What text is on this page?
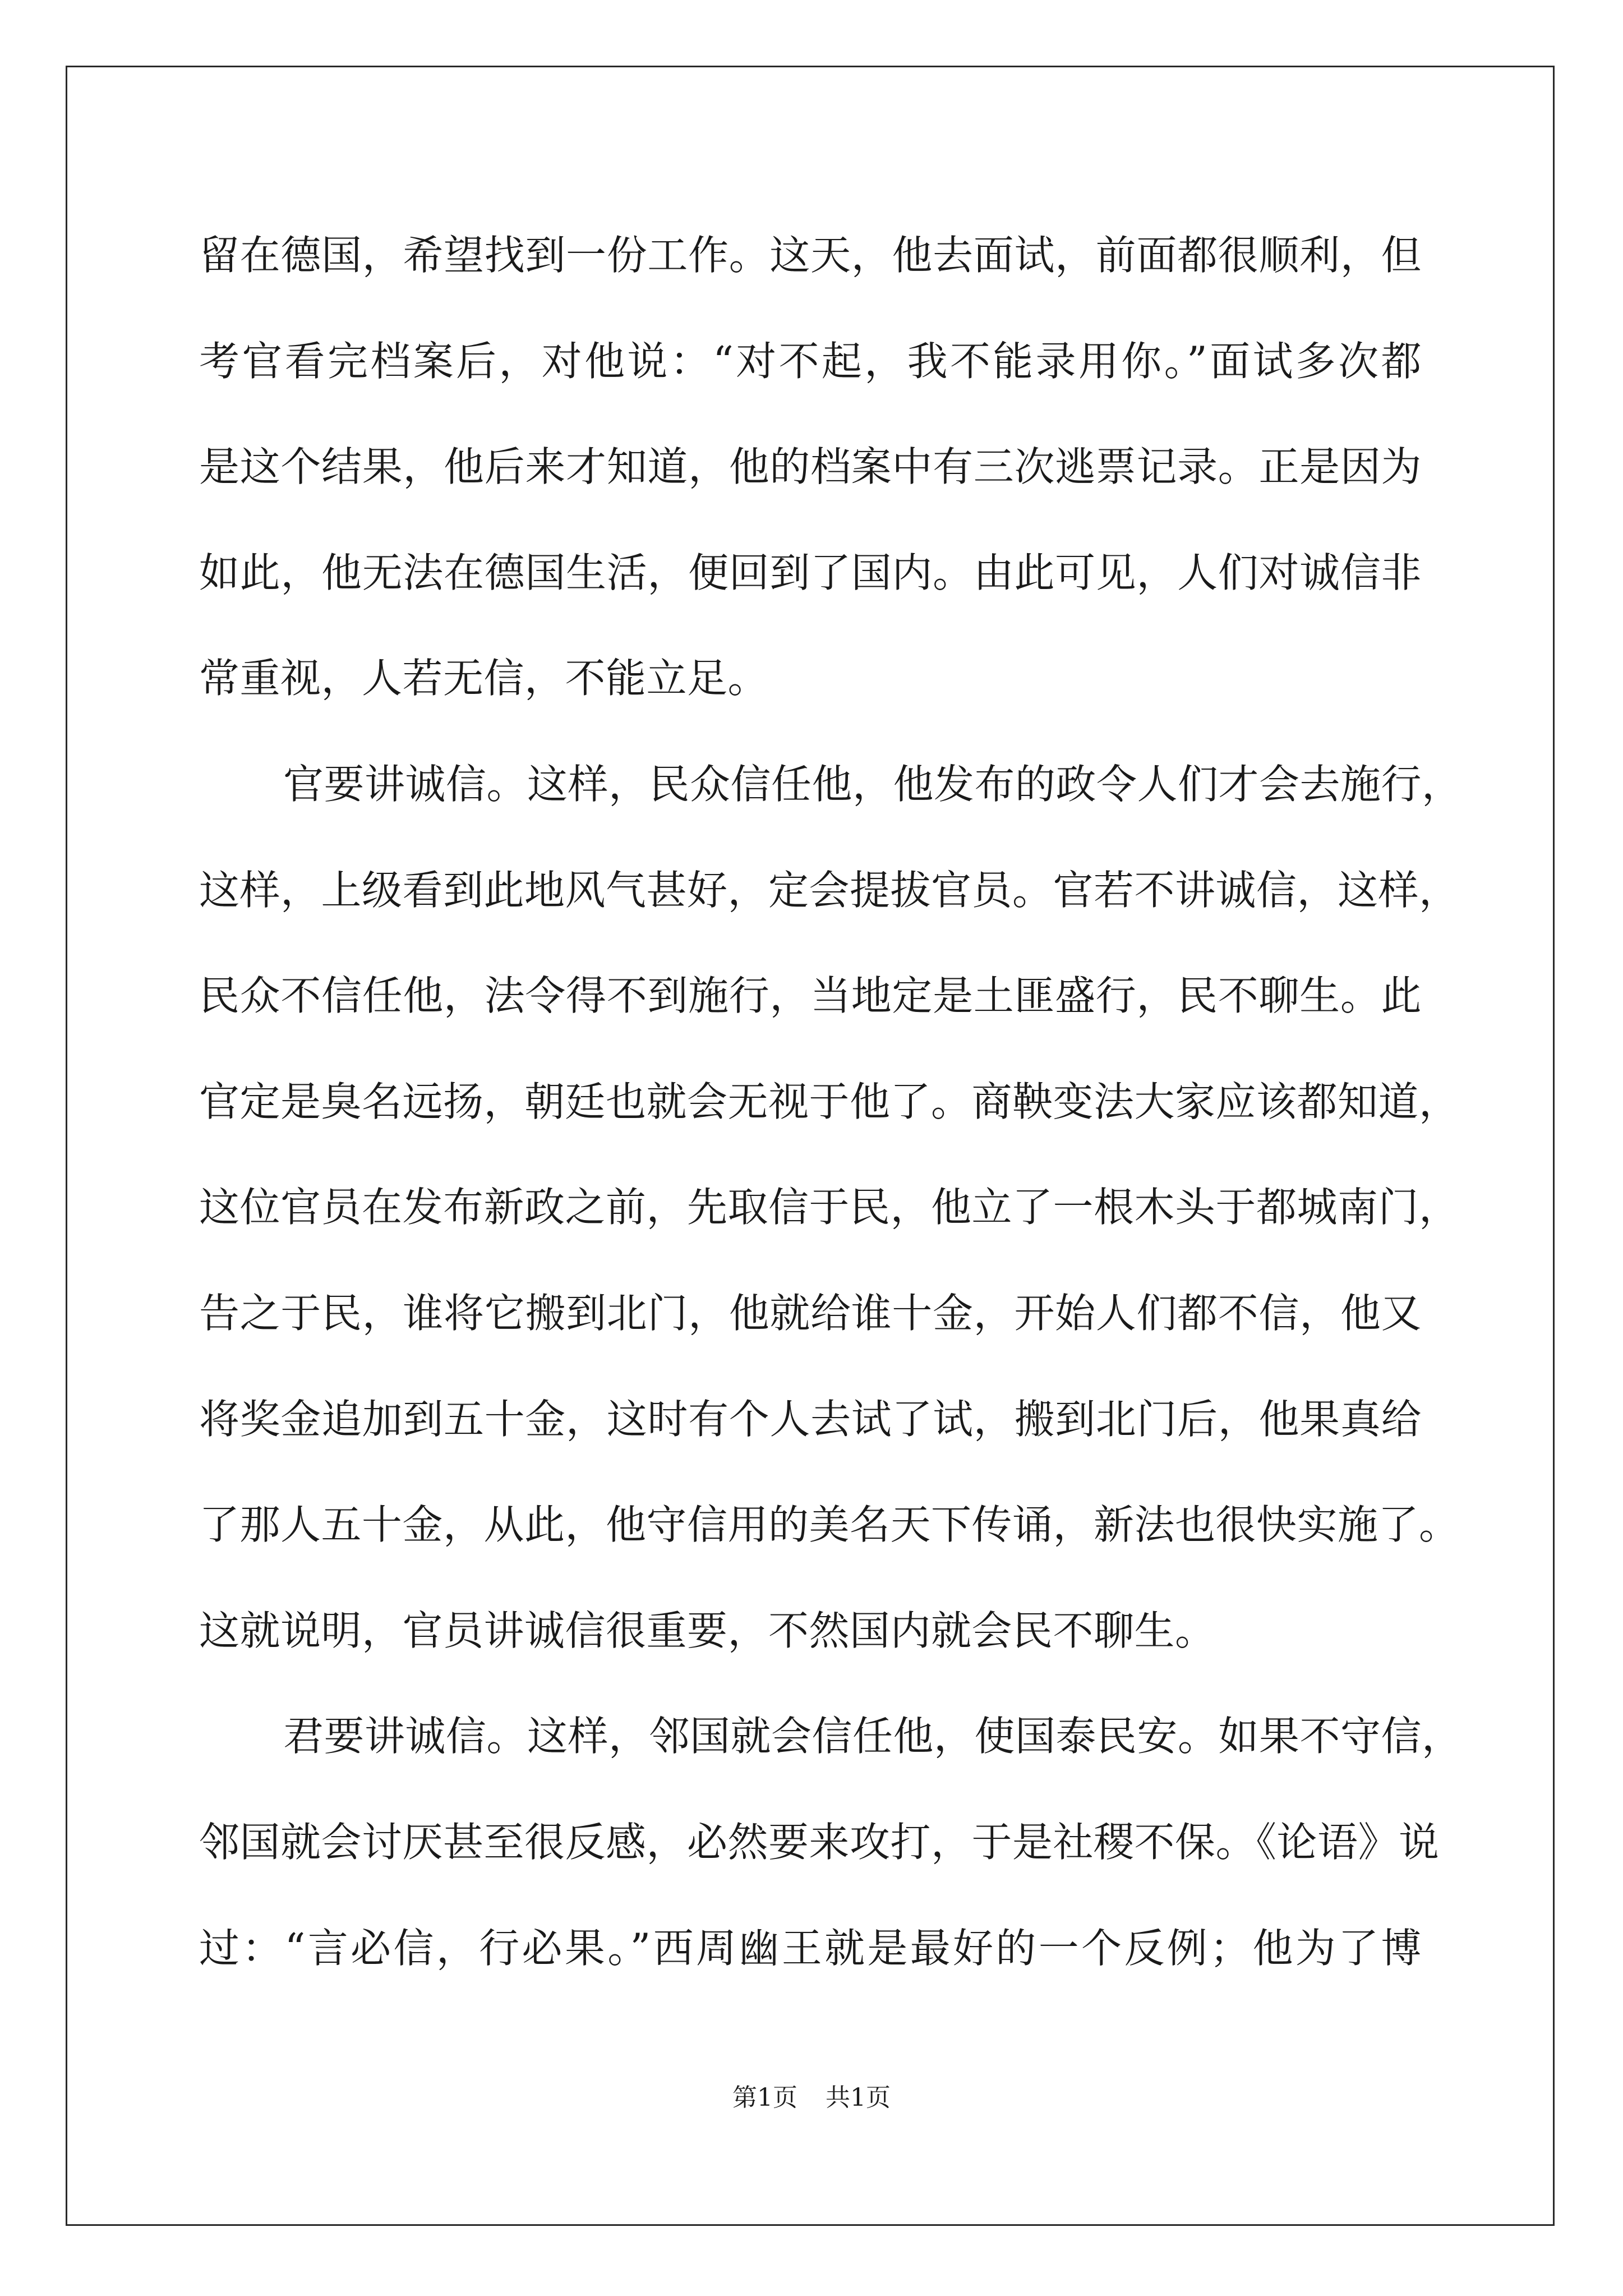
留在德国，希望找到一份工作。这天，他去面试，前面都很顺利，但
考官看完档案后，对他说：“对不起，我不能录用你。”面试多次都
是这个结果，他后来才知道，他的档案中有三次逃票记录。正是因为
如此，他无法在德国生活，便回到了国内。由此可见，人们对诚信非
常重视，人若无信，不能立足。
官要讲诚信。这样，民众信任他，他发布的政令人们才会去施行，
这样，上级看到此地风气甚好，定会提拔官员。官若不讲诚信，这样，
民众不信任他，法令得不到施行，当地定是土匪盛行，民不聊生。此
官定是臭名远扬，朝廷也就会无视于他了。商鞅变法大家应该都知道，
这位官员在发布新政之前，先取信于民，他立了一根木头于都城南门，
告之于民，谁将它搬到北门，他就给谁十金，开始人们都不信，他又
将奖金追加到五十金，这时有个人去试了试，搬到北门后，他果真给
了那人五十金，从此，他守信用的美名天下传诵，新法也很快实施了。
这就说明，官员讲诚信很重要，不然国内就会民不聊生。
君要讲诚信。这样，邻国就会信任他，使国泰民安。如果不守信，
邻国就会讨厌甚至很反感，必然要来攻打，于是社稷不保。《论语》说
过：“言必信，行必果。”西周幽王就是最好的一个反例；他为了博
第1页 共1页
